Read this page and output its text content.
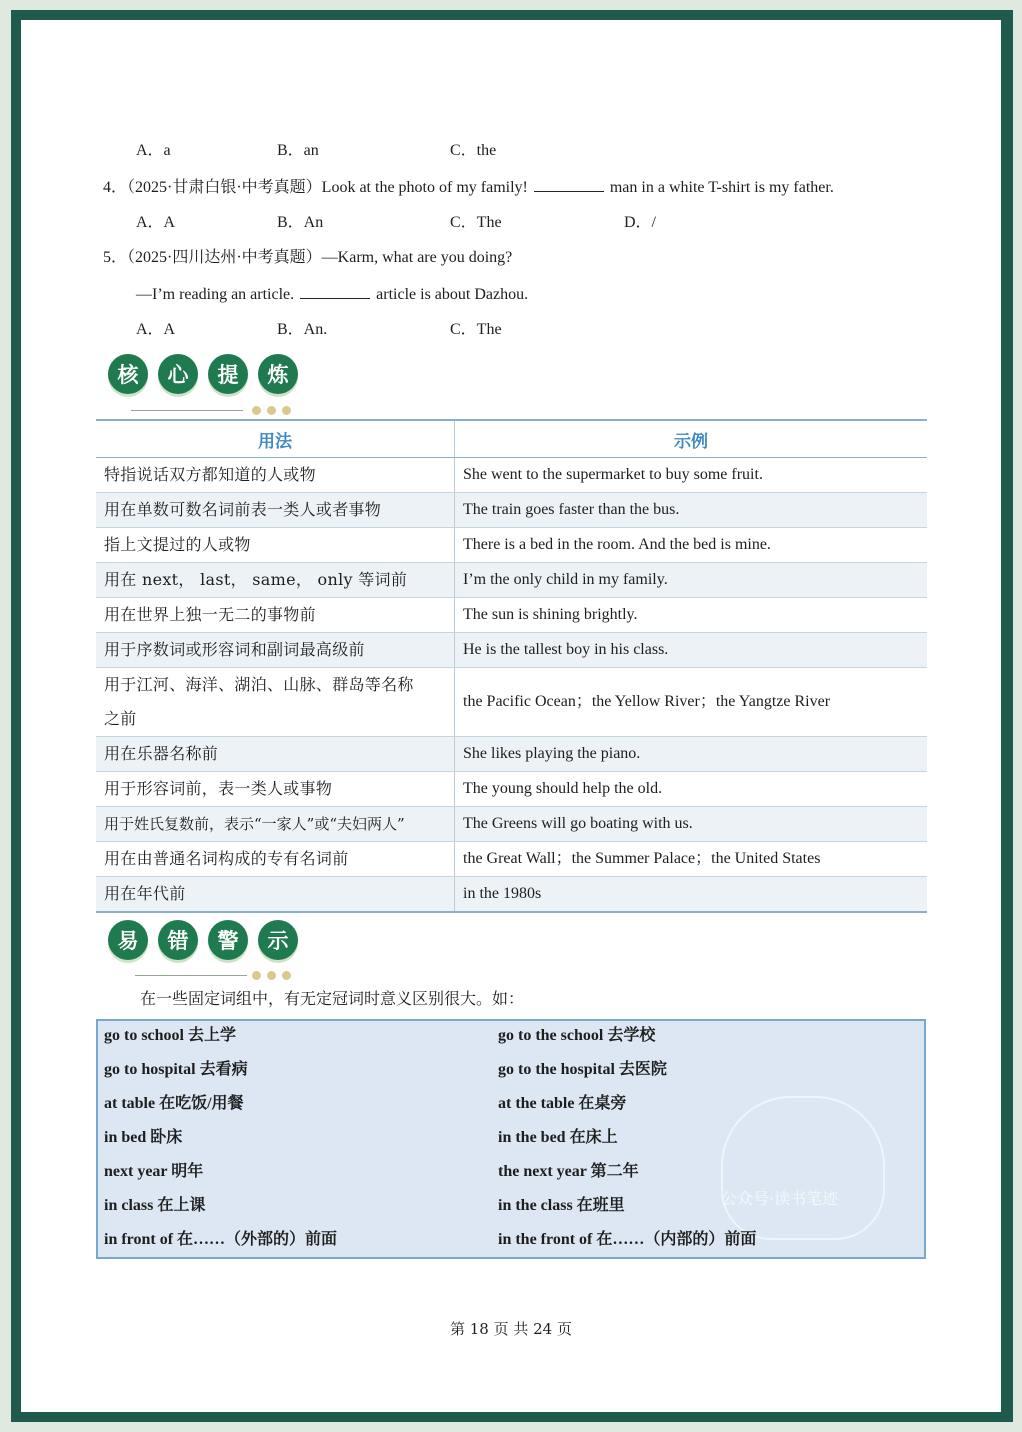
A．a	B．an	C．the
4．（2025·甘肃白银·中考真题）Look at the photo of my family!	man in a white T-shirt is my father.
A．A	B．An	C．The	D．/
5．（2025·四川达州·中考真题）—Karm, what are you doing?
—I’m reading an article.	article is about Dazhou.
A．A	B．An.	C．The
核	心	提	炼
用法	示例
特指说话双方都知道的人或物	She went to the supermarket to buy some fruit.
用在单数可数名词前表一类人或者事物	The train goes faster than the bus.
指上文提过的人或物	There is a bed in the room. And the bed is mine.
用在 next， last， same， only 等词前	I’m the only child in my family.
用在世界上独一无二的事物前	The sun is shining brightly.
用于序数词或形容词和副词最高级前	He is the tallest boy in his class.

用于江河、海洋、湖泊、山脉、群岛等名称
之前	the Pacific Ocean；the Yellow River；the Yangtze River
用在乐器名称前	She likes playing the piano.
用于形容词前，表一类人或事物	The young should help the old.
用于姓氏复数前，表示“一家人”或“夫妇两人”	The Greens will go boating with us.
用在由普通名词构成的专有名词前	the Great Wall；the Summer Palace；the United States
用在年代前	in the 1980s
易	错	警	示
在一些固定词组中，有无定冠词时意义区别很大。如：
公众号·读书笔迹
go to school 去上学	go to the school 去学校
go to hospital 去看病	go to the hospital 去医院
at table 在吃饭/用餐	at the table 在桌旁
in bed 卧床	in the bed 在床上
next year 明年	the next year 第二年
in class 在上课	in the class 在班里
in front of 在……（外部的）前面	in the front of 在……（内部的）前面
第 18 页 共 24 页
